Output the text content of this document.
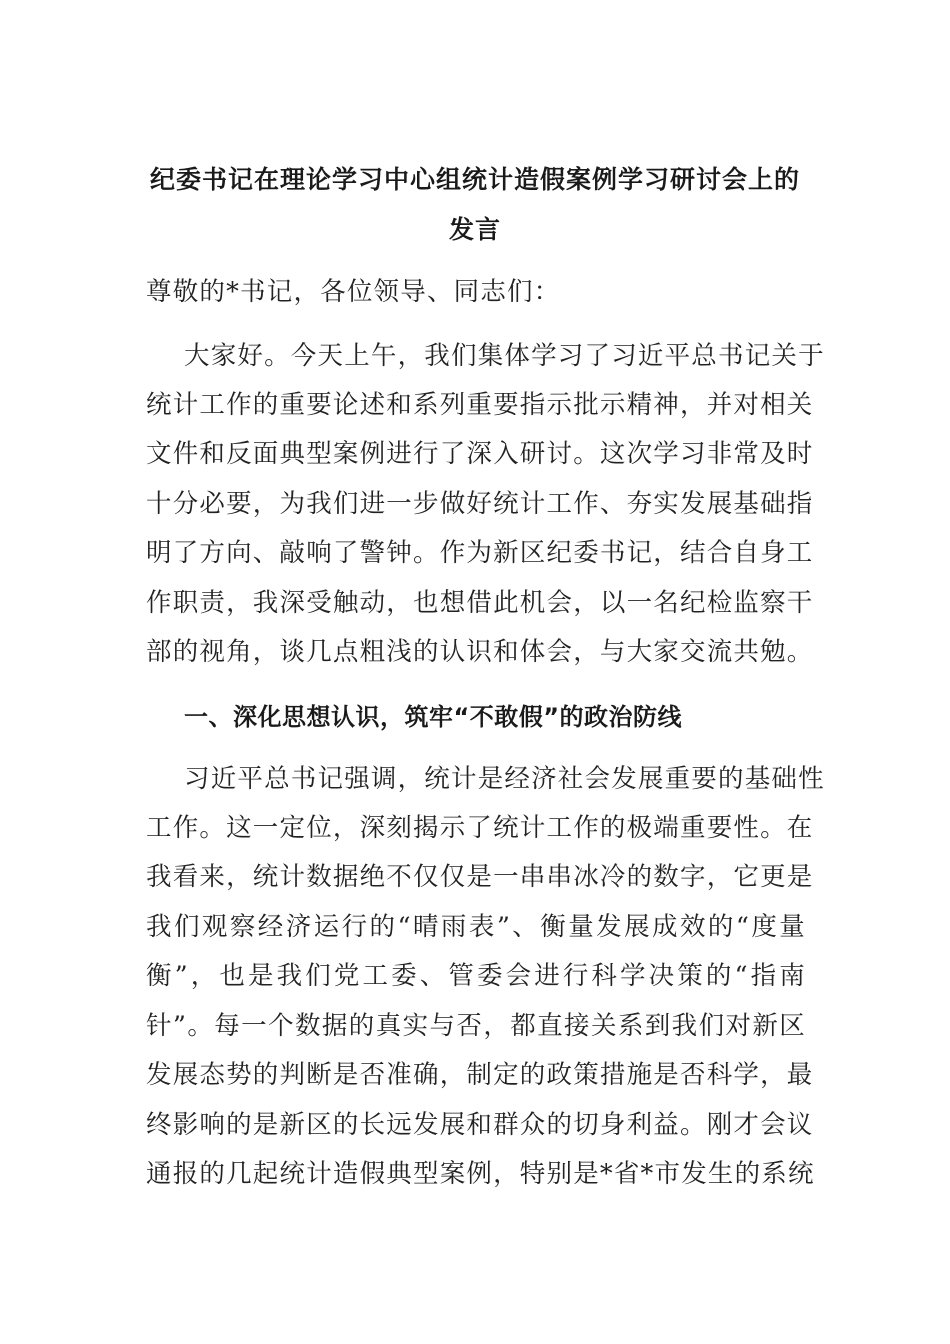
纪委书记在理论学习中心组统计造假案例学习研讨会上的
发言
尊敬的*书记，各位领导、同志们：
大家好。今天上午，我们集体学习了习近平总书记关于
统计工作的重要论述和系列重要指示批示精神，并对相关
文件和反面典型案例进行了深入研讨。这次学习非常及时
十分必要，为我们进一步做好统计工作、夯实发展基础指
明了方向、敲响了警钟。作为新区纪委书记，结合自身工
作职责，我深受触动，也想借此机会，以一名纪检监察干
部的视角，谈几点粗浅的认识和体会，与大家交流共勉。
一、深化思想认识，筑牢“不敢假”的政治防线
习近平总书记强调，统计是经济社会发展重要的基础性
工作。这一定位，深刻揭示了统计工作的极端重要性。在
我看来，统计数据绝不仅仅是一串串冰冷的数字，它更是
我们观察经济运行的“晴雨表”、衡量发展成效的“度量
衡”，也是我们党工委、管委会进行科学决策的“指南
针”。每一个数据的真实与否，都直接关系到我们对新区
发展态势的判断是否准确，制定的政策措施是否科学，最
终影响的是新区的长远发展和群众的切身利益。刚才会议
通报的几起统计造假典型案例，特别是*省*市发生的系统
